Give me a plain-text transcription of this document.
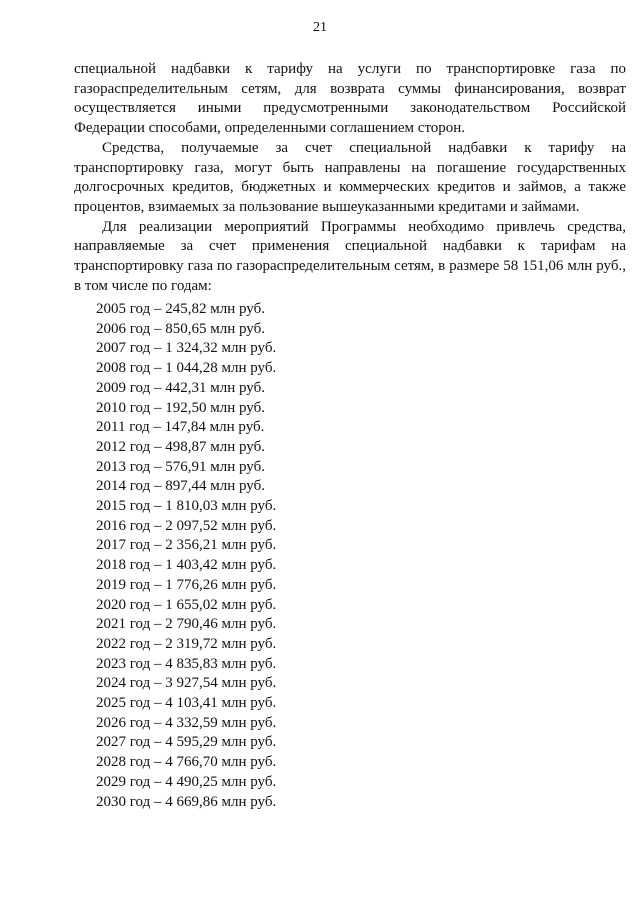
21

специальной надбавки к тарифу на услуги по транспортировке газа по газораспределительным сетям, для возврата суммы финансирования, возврат осуществляется иными предусмотренными законодательством Российской Федерации способами, определенными соглашением сторон.

Средства, получаемые за счет специальной надбавки к тарифу на транспортировку газа, могут быть направлены на погашение государственных долгосрочных кредитов, бюджетных и коммерческих кредитов и займов, а также процентов, взимаемых за пользование вышеуказанными кредитами и займами.

Для реализации мероприятий Программы необходимо привлечь средства, направляемые за счет применения специальной надбавки к тарифам на транспортировку газа по газораспределительным сетям, в размере 58 151,06 млн руб., в том числе по годам:

2005 год – 245,82 млн руб.
2006 год – 850,65 млн руб.
2007 год – 1 324,32 млн руб.
2008 год – 1 044,28 млн руб.
2009 год – 442,31 млн руб.
2010 год – 192,50 млн руб.
2011 год – 147,84 млн руб.
2012 год – 498,87 млн руб.
2013 год – 576,91 млн руб.
2014 год – 897,44 млн руб.
2015 год – 1 810,03 млн руб.
2016 год – 2 097,52 млн руб.
2017 год – 2 356,21 млн руб.
2018 год – 1 403,42 млн руб.
2019 год – 1 776,26 млн руб.
2020 год – 1 655,02 млн руб.
2021 год – 2 790,46 млн руб.
2022 год – 2 319,72 млн руб.
2023 год – 4 835,83 млн руб.
2024 год – 3 927,54 млн руб.
2025 год – 4 103,41 млн руб.
2026 год – 4 332,59 млн руб.
2027 год – 4 595,29 млн руб.
2028 год – 4 766,70 млн руб.
2029 год – 4 490,25 млн руб.
2030 год – 4 669,86 млн руб.
